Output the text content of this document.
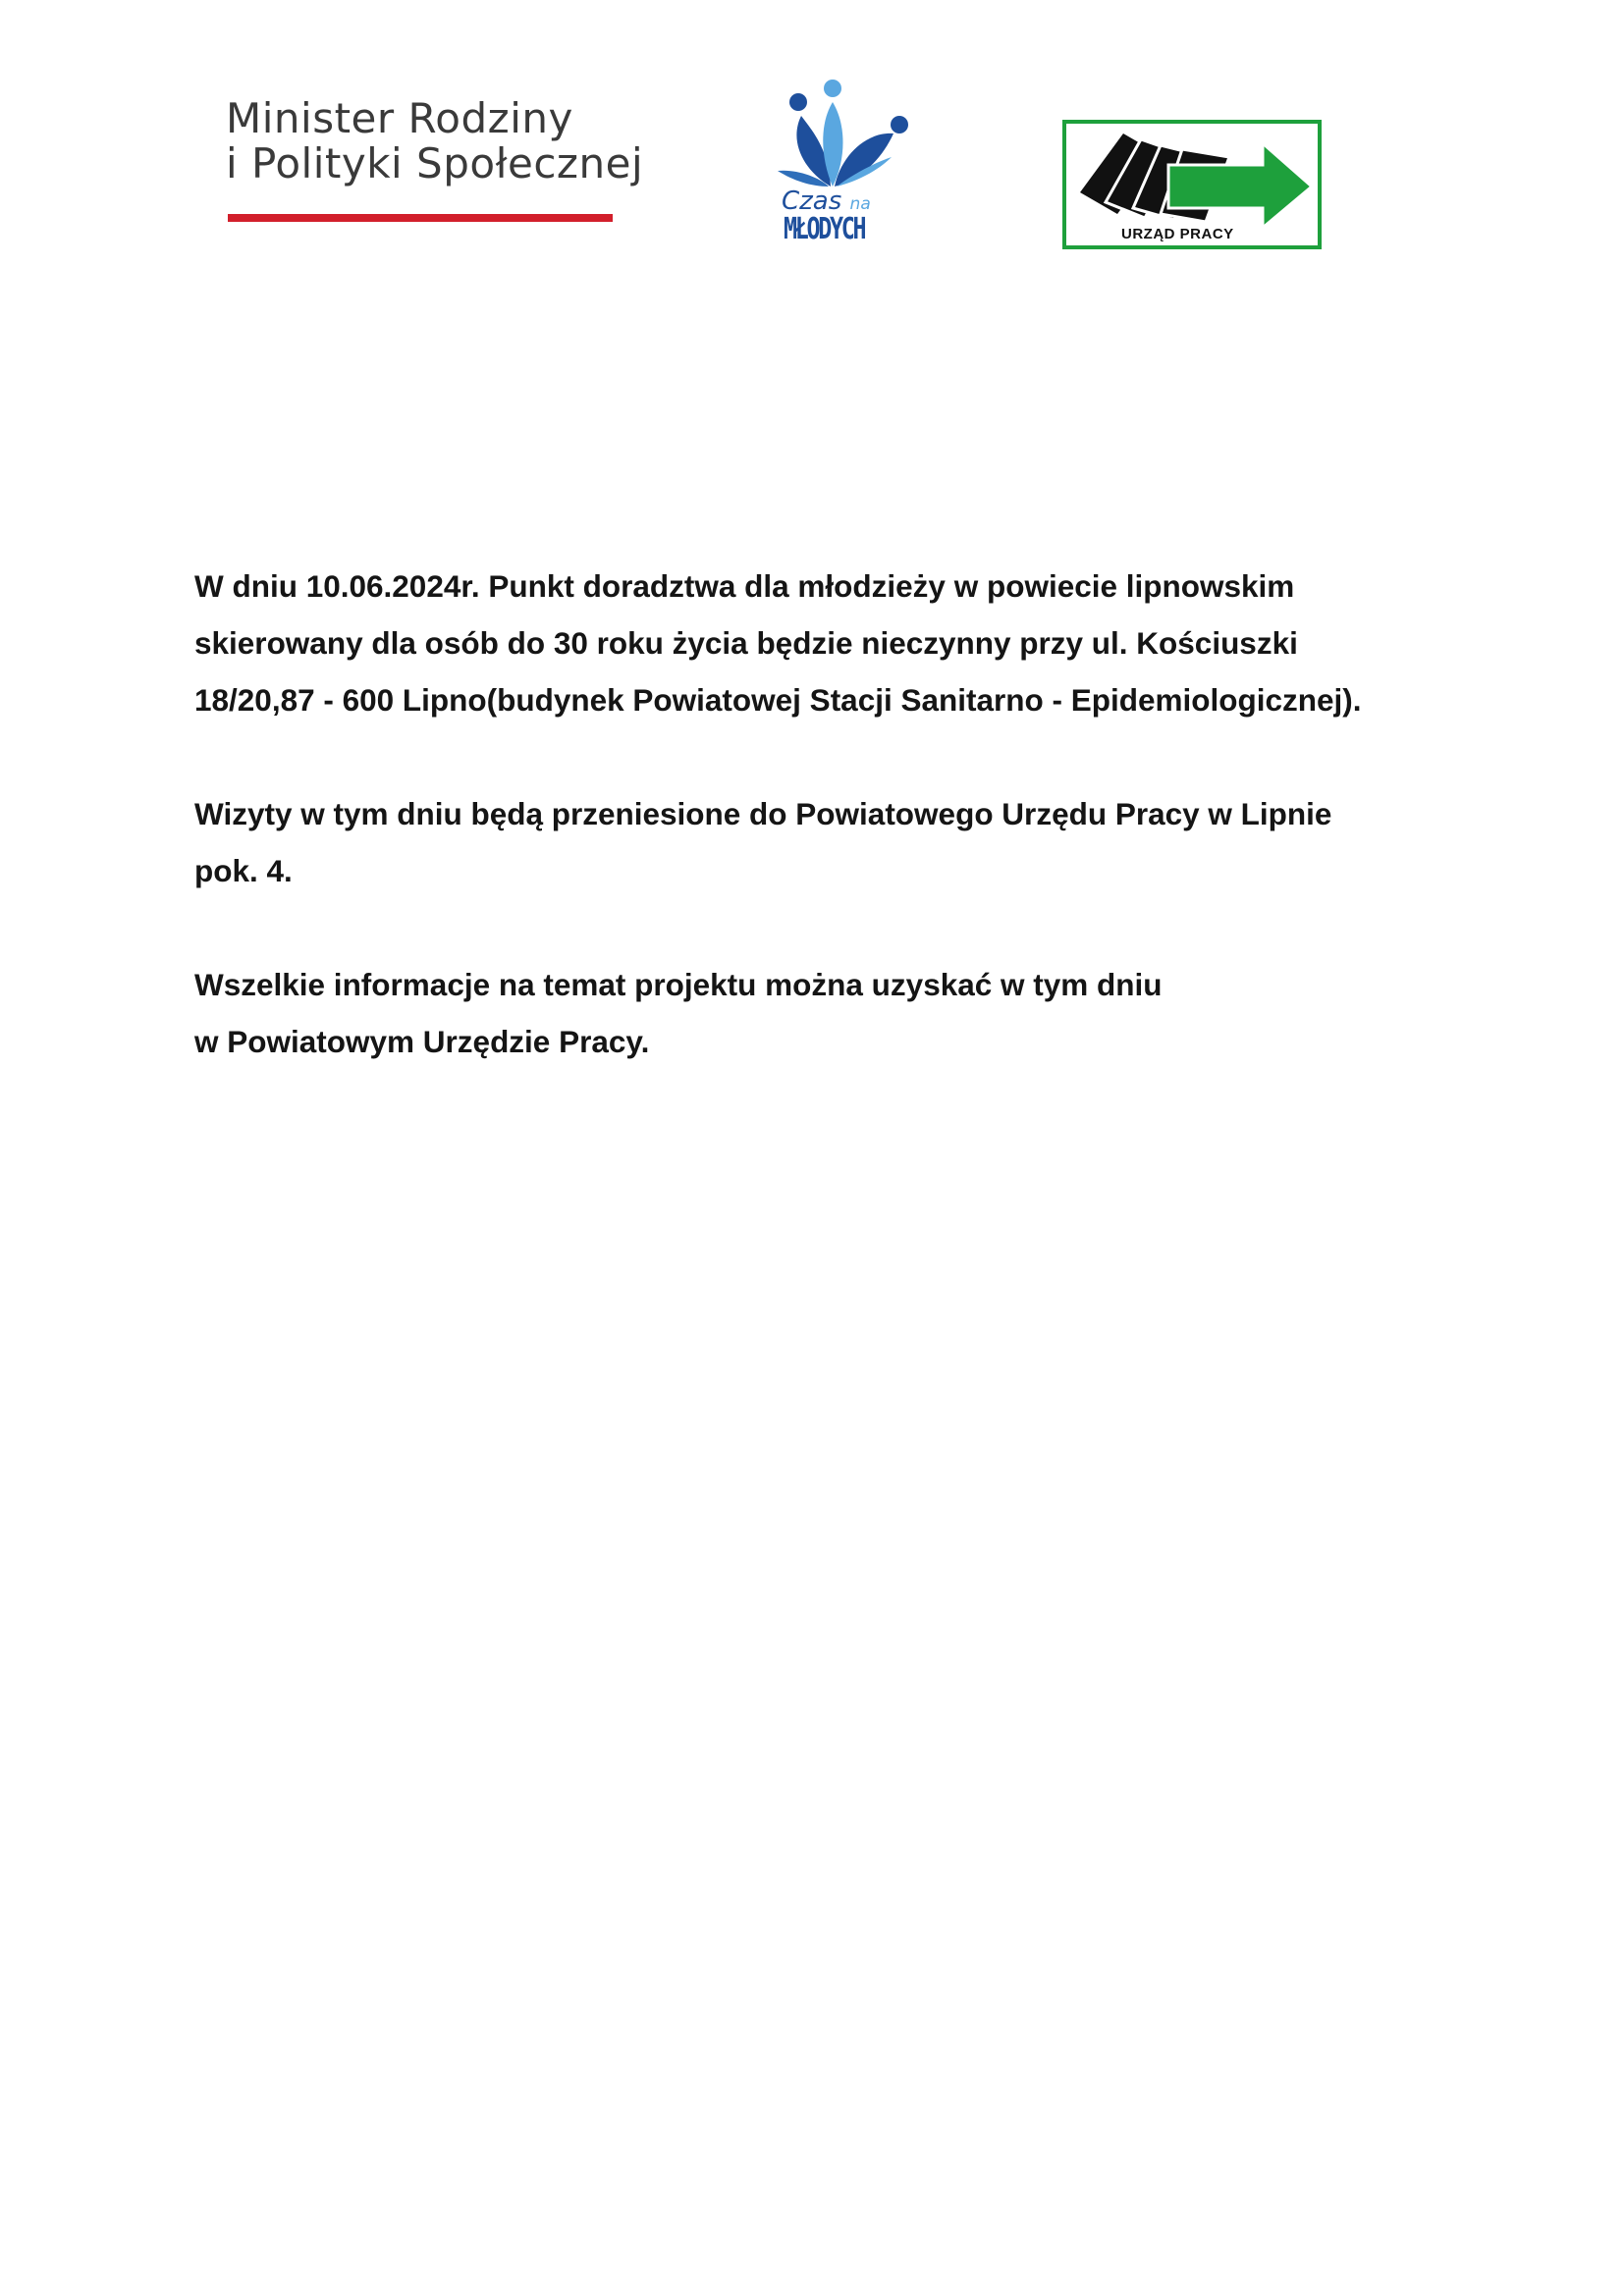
Minister Rodziny
i Polityki Społecznej
Czas na
MŁODYCH	URZĄD PRACY

W dniu 10.06.2024r. Punkt doradztwa dla młodzieży w powiecie lipnowskim
skierowany dla osób do 30 roku życia będzie nieczynny przy ul. Kościuszki
18/20,87 - 600 Lipno(budynek Powiatowej Stacji Sanitarno - Epidemiologicznej).

Wizyty w tym dniu będą przeniesione do Powiatowego Urzędu Pracy w Lipnie
pok. 4.

Wszelkie informacje na temat projektu można uzyskać w tym dniu
w Powiatowym Urzędzie Pracy.
